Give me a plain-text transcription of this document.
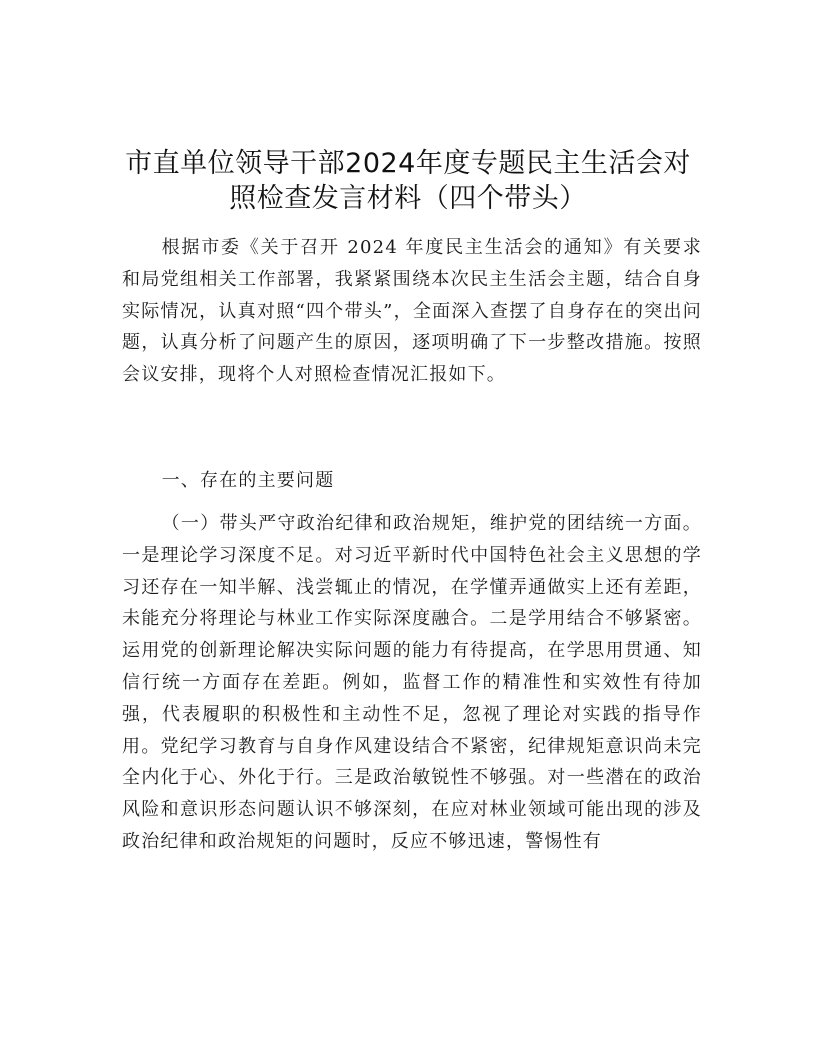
市直单位领导干部2024年度专题民主生活会对
照检查发言材料（四个带头）

根据市委《关于召开 2024 年度民主生活会的通知》有关要求和局党组相关工作部署，我紧紧围绕本次民主生活会主题，结合自身实际情况，认真对照“四个带头”，全面深入查摆了自身存在的突出问题，认真分析了问题产生的原因，逐项明确了下一步整改措施。按照会议安排，现将个人对照检查情况汇报如下。

一、存在的主要问题

（一）带头严守政治纪律和政治规矩，维护党的团结统一方面。一是理论学习深度不足。对习近平新时代中国特色社会主义思想的学习还存在一知半解、浅尝辄止的情况，在学懂弄通做实上还有差距，未能充分将理论与林业工作实际深度融合。二是学用结合不够紧密。运用党的创新理论解决实际问题的能力有待提高，在学思用贯通、知信行统一方面存在差距。例如，监督工作的精准性和实效性有待加强，代表履职的积极性和主动性不足，忽视了理论对实践的指导作用。党纪学习教育与自身作风建设结合不紧密，纪律规矩意识尚未完全内化于心、外化于行。三是政治敏锐性不够强。对一些潜在的政治风险和意识形态问题认识不够深刻，在应对林业领域可能出现的涉及政治纪律和政治规矩的问题时，反应不够迅速，警惕性有
